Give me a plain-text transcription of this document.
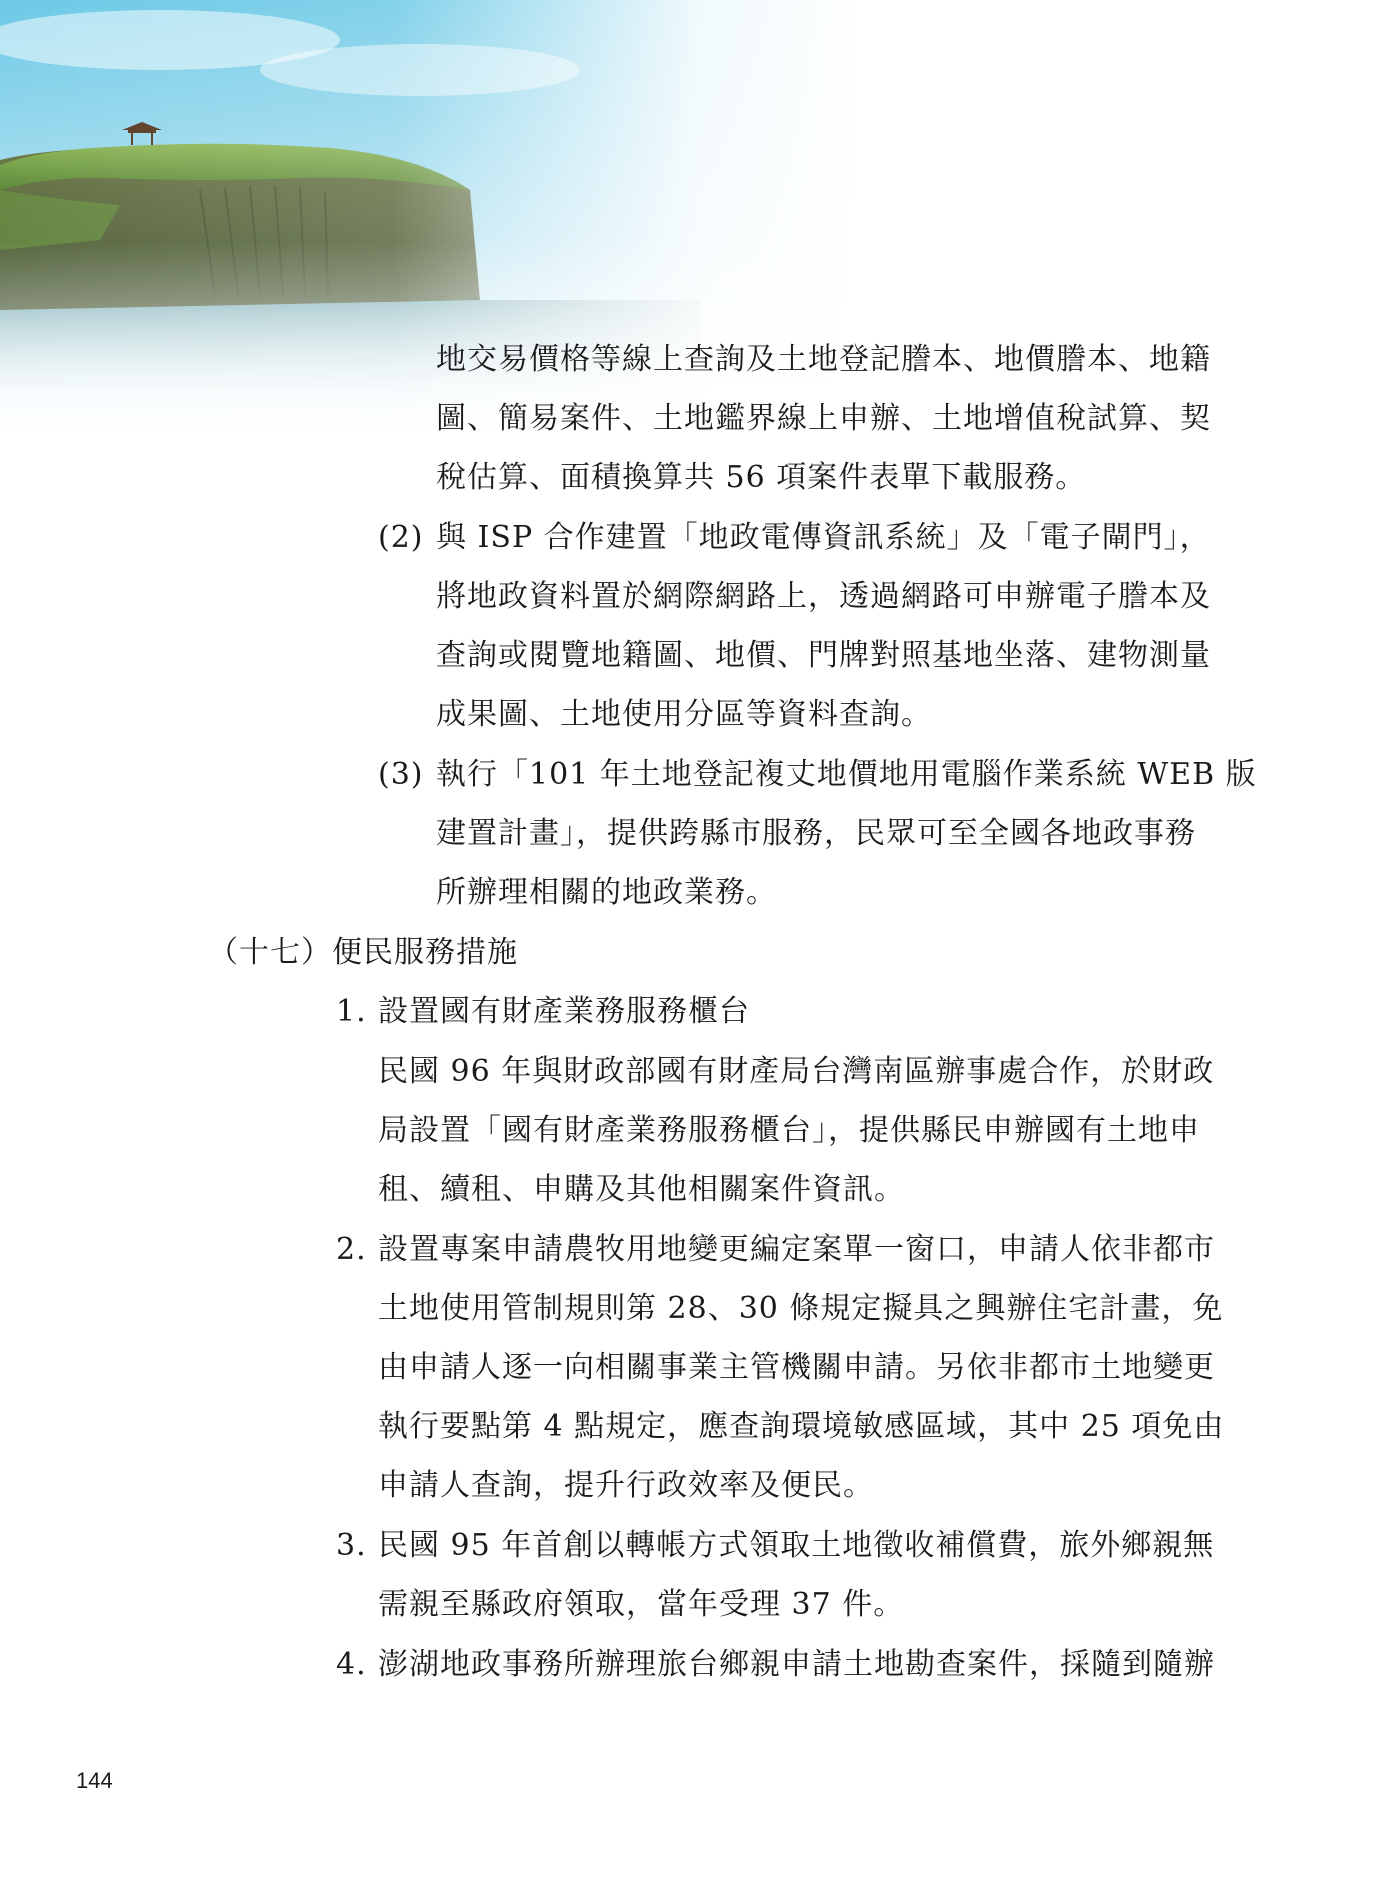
地交易價格等線上查詢及土地登記謄本、地價謄本、地籍
圖、簡易案件、土地鑑界線上申辦、土地增值稅試算、契
稅估算、面積換算共 56 項案件表單下載服務。
(2) 與 ISP 合作建置「地政電傳資訊系統」及「電子閘門」，
將地政資料置於網際網路上，透過網路可申辦電子謄本及
查詢或閱覽地籍圖、地價、門牌對照基地坐落、建物測量
成果圖、土地使用分區等資料查詢。
(3) 執行「101 年土地登記複丈地價地用電腦作業系統 WEB 版
建置計畫」，提供跨縣市服務，民眾可至全國各地政事務
所辦理相關的地政業務。
（十七）便民服務措施
1. 設置國有財產業務服務櫃台
民國 96 年與財政部國有財產局台灣南區辦事處合作，於財政
局設置「國有財產業務服務櫃台」，提供縣民申辦國有土地申
租、續租、申購及其他相關案件資訊。
2. 設置專案申請農牧用地變更編定案單一窗口，申請人依非都市
土地使用管制規則第 28、30 條規定擬具之興辦住宅計畫，免
由申請人逐一向相關事業主管機關申請。另依非都市土地變更
執行要點第 4 點規定，應查詢環境敏感區域，其中 25 項免由
申請人查詢，提升行政效率及便民。
3. 民國 95 年首創以轉帳方式領取土地徵收補償費，旅外鄉親無
需親至縣政府領取，當年受理 37 件。
4. 澎湖地政事務所辦理旅台鄉親申請土地勘查案件，採隨到隨辦
144
